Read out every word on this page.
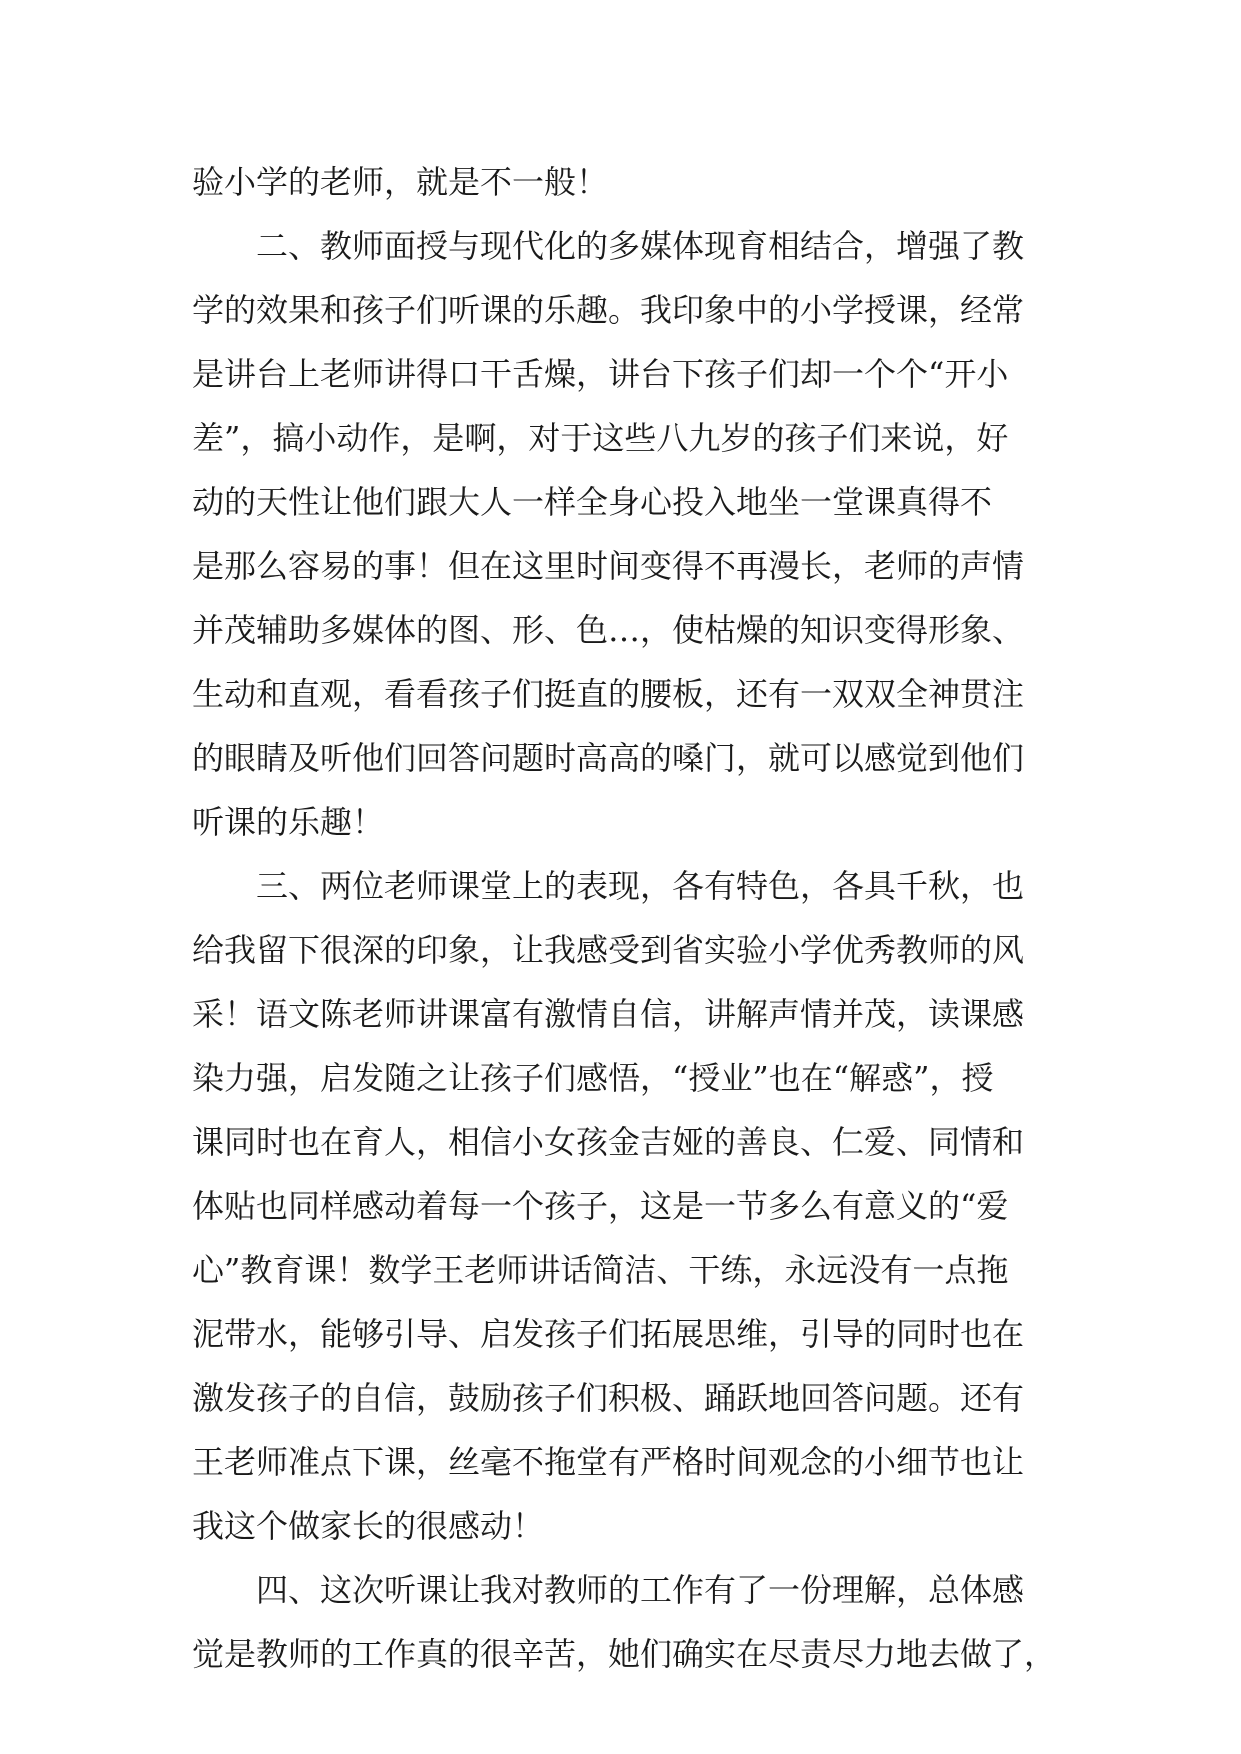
验小学的老师，就是不一般！
　　二、教师面授与现代化的多媒体现育相结合，增强了教
学的效果和孩子们听课的乐趣。我印象中的小学授课，经常
是讲台上老师讲得口干舌燥，讲台下孩子们却一个个“开小
差”，搞小动作，是啊，对于这些八九岁的孩子们来说，好
动的天性让他们跟大人一样全身心投入地坐一堂课真得不
是那么容易的事！但在这里时间变得不再漫长，老师的声情
并茂辅助多媒体的图、形、色…，使枯燥的知识变得形象、
生动和直观，看看孩子们挺直的腰板，还有一双双全神贯注
的眼睛及听他们回答问题时高高的嗓门，就可以感觉到他们
听课的乐趣！
　　三、两位老师课堂上的表现，各有特色，各具千秋，也
给我留下很深的印象，让我感受到省实验小学优秀教师的风
采！语文陈老师讲课富有激情自信，讲解声情并茂，读课感
染力强，启发随之让孩子们感悟，“授业”也在“解惑”，授
课同时也在育人，相信小女孩金吉娅的善良、仁爱、同情和
体贴也同样感动着每一个孩子，这是一节多么有意义的“爱
心”教育课！数学王老师讲话简洁、干练，永远没有一点拖
泥带水，能够引导、启发孩子们拓展思维，引导的同时也在
激发孩子的自信，鼓励孩子们积极、踊跃地回答问题。还有
王老师准点下课，丝毫不拖堂有严格时间观念的小细节也让
我这个做家长的很感动！
　　四、这次听课让我对教师的工作有了一份理解，总体感
觉是教师的工作真的很辛苦，她们确实在尽责尽力地去做了，
